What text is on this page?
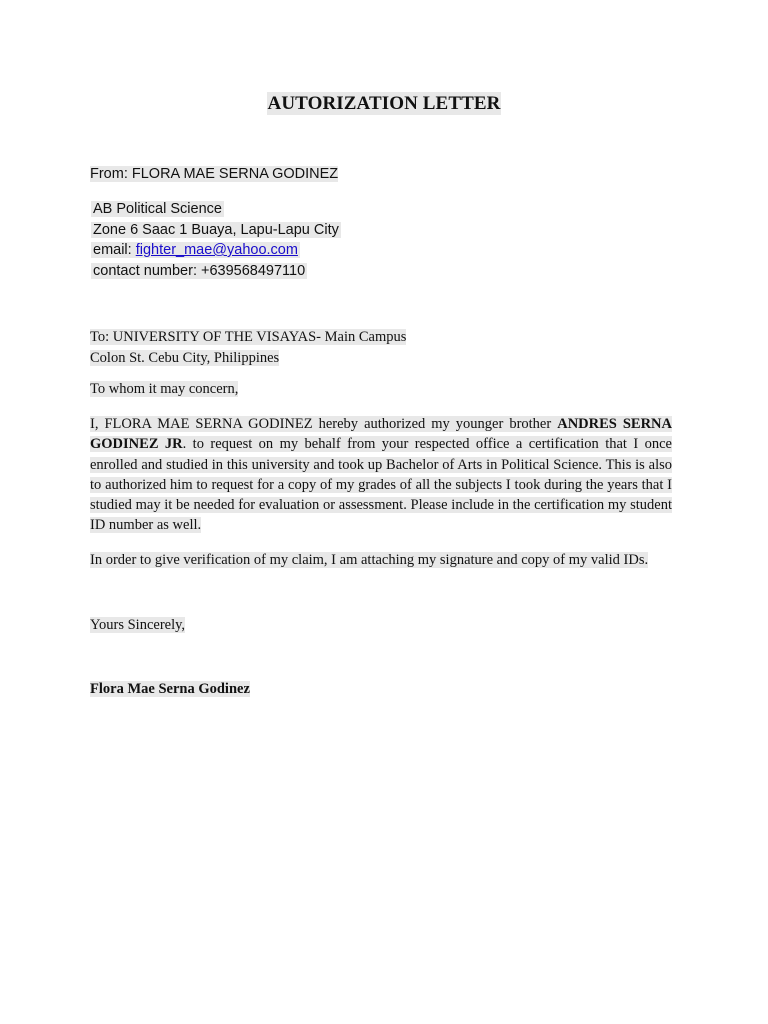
AUTORIZATION LETTER
From: FLORA MAE SERNA GODINEZ
AB Political Science
Zone 6 Saac 1 Buaya, Lapu-Lapu City
email: fighter_mae@yahoo.com
contact number: +639568497110
To: UNIVERSITY OF THE VISAYAS- Main Campus
Colon St. Cebu City, Philippines
To whom it may concern,
I, FLORA MAE SERNA GODINEZ hereby authorized my younger brother ANDRES SERNA GODINEZ JR. to request on my behalf from your respected office a certification that I once enrolled and studied in this university and took up Bachelor of Arts in Political Science. This is also to authorized him to request for a copy of my grades of all the subjects I took during the years that I studied may it be needed for evaluation or assessment. Please include in the certification my student ID number as well.
In order to give verification of my claim, I am attaching my signature and copy of my valid IDs.
Yours Sincerely,
Flora Mae Serna Godinez
